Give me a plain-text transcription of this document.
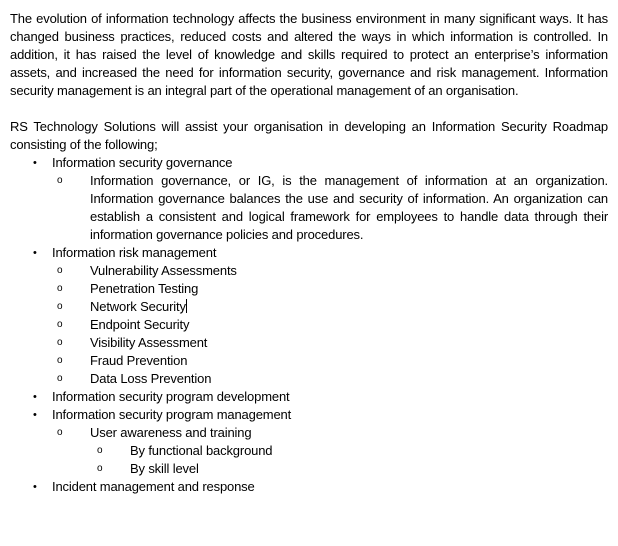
The evolution of information technology affects the business environment in many significant ways. It has changed business practices, reduced costs and altered the ways in which information is controlled. In addition, it has raised the level of knowledge and skills required to protect an enterprise’s information assets, and increased the need for information security, governance and risk management. Information security management is an integral part of the operational management of an organisation.

RS Technology Solutions will assist your organisation in developing an Information Security Roadmap consisting of the following;

•	Information security governance
o	Information governance, or IG, is the management of information at an organization. Information governance balances the use and security of information. An organization can establish a consistent and logical framework for employees to handle data through their information governance policies and procedures.
•	Information risk management
o	Vulnerability Assessments
o	Penetration Testing
o	Network Security
o	Endpoint Security
o	Visibility Assessment
o	Fraud Prevention
o	Data Loss Prevention
•	Information security program development
•	Information security program management
o	User awareness and training
o	By functional background
o	By skill level
•	Incident management and response
